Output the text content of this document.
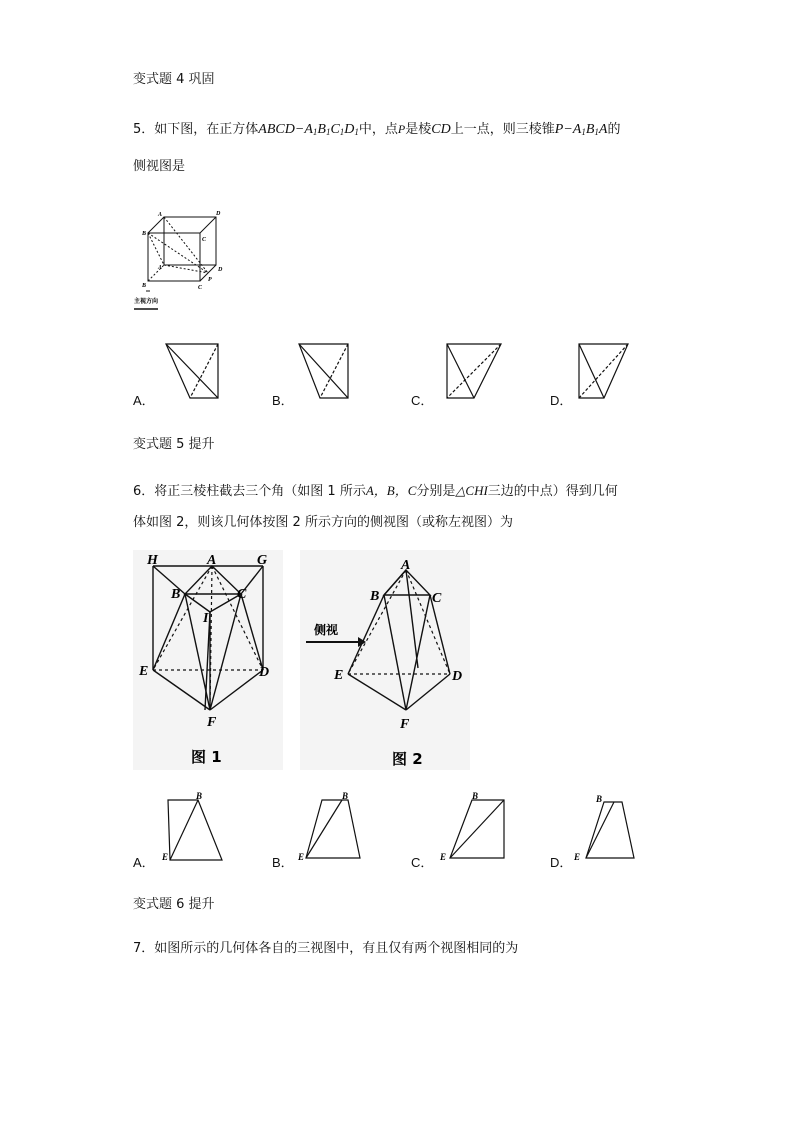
变式题 4 巩固
5．如下图，在正方体$ABCD-A_1B_1C_1D_1$中，点P是棱CD上一点，则三棱锥$P-A_1B_1A$的
侧视图是
A	D
B
C
A	D
B	C
P
主视方向
A．	B．	C．	D．
变式题 5 提升
6．将正三棱柱截去三个角（如图 1 所示A，B，C分别是△CHI三边的中点）得到几何
体如图 2，则该几何体按图 2 所示方向的侧视图（或称左视图）为
H	A	G
B	C
I
E	D
F
图 1
侧视
A
B	C
E	D
F
图 2
A．
B
E	B．
B
E	C．
B
E	D．
B
E
变式题 6 提升
7．如图所示的几何体各自的三视图中，有且仅有两个视图相同的为
